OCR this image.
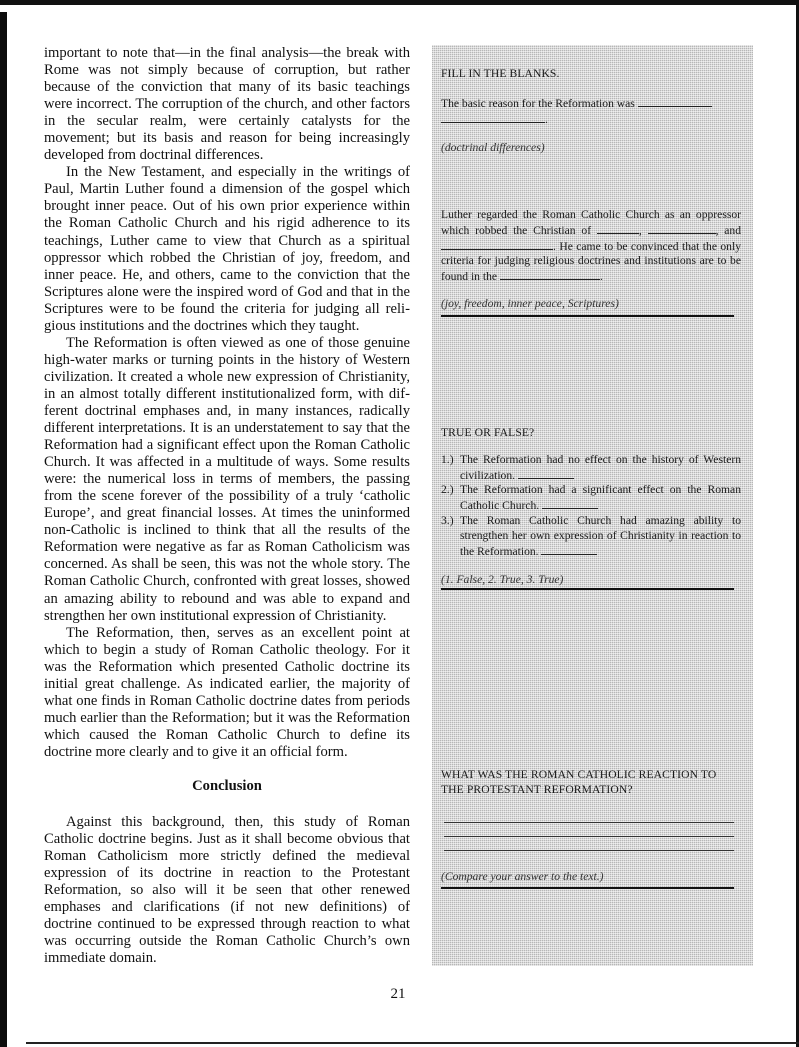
important to note that—in the final analysis—the break with Rome was not simply because of corruption, but rather because of the conviction that many of its basic teachings were incorrect. The corruption of the church, and other factors in the secular realm, were certainly catalysts for the movement; but its basis and reason for being increasingly developed from doctrinal differences.

In the New Testament, and especially in the writings of Paul, Martin Luther found a dimension of the gospel which brought inner peace. Out of his own prior experience within the Roman Catholic Church and his rigid adherence to its teachings, Luther came to view that Church as a spiritual oppressor which robbed the Christian of joy, freedom, and inner peace. He, and others, came to the conviction that the Scriptures alone were the inspired word of God and that in the Scriptures were to be found the criteria for judging all religious institutions and the doctrines which they taught.

The Reformation is often viewed as one of those genuine high-water marks or turning points in the history of Western civilization. It created a whole new expression of Christianity, in an almost totally different institutionalized form, with different doctrinal emphases and, in many instances, radically different interpretations. It is an understatement to say that the Reformation had a significant effect upon the Roman Catholic Church. It was affected in a multitude of ways. Some results were: the numerical loss in terms of members, the passing from the scene forever of the possibility of a truly ‘catholic Europe’, and great financial losses. At times the uninformed non-Catholic is inclined to think that all the results of the Reformation were negative as far as Roman Catholicism was concerned. As shall be seen, this was not the whole story. The Roman Catholic Church, confronted with great losses, showed an amazing ability to rebound and was able to expand and strengthen her own institutional expression of Christianity.

The Reformation, then, serves as an excellent point at which to begin a study of Roman Catholic theology. For it was the Reformation which presented Catholic doctrine its initial great challenge. As indicated earlier, the majority of what one finds in Roman Catholic doctrine dates from periods much earlier than the Reformation; but it was the Reformation which caused the Roman Catholic Church to define its doctrine more clearly and to give it an official form.

Conclusion

Against this background, then, this study of Roman Catholic doctrine begins. Just as it shall become obvious that Roman Catholicism more strictly defined the medieval expression of its doctrine in reaction to the Protestant Reformation, so also will it be seen that other renewed emphases and clarifications (if not new definitions) of doctrine continued to be expressed through reaction to what was occurring outside the Roman Catholic Church’s own immediate domain.

FILL IN THE BLANKS.
The basic reason for the Reformation was
.
(doctrinal differences)
Luther regarded the Roman Catholic Church as an oppressor which robbed the Christian of	,	, and . He came to be convinced that the only criteria for judging religious doctrines and institutions are to be found in the	.
(joy, freedom, inner peace, Scriptures)
TRUE OR FALSE?
1.) The Reformation had no effect on the history of Western civilization.
2.) The Reformation had a significant effect on the Roman Catholic Church.
3.) The Roman Catholic Church had amazing ability to strengthen her own expression of Christianity in reaction to the Reformation.
(1. False, 2. True, 3. True)
WHAT WAS THE ROMAN CATHOLIC REACTION TO THE PROTESTANT REFORMATION?
(Compare your answer to the text.)
21
